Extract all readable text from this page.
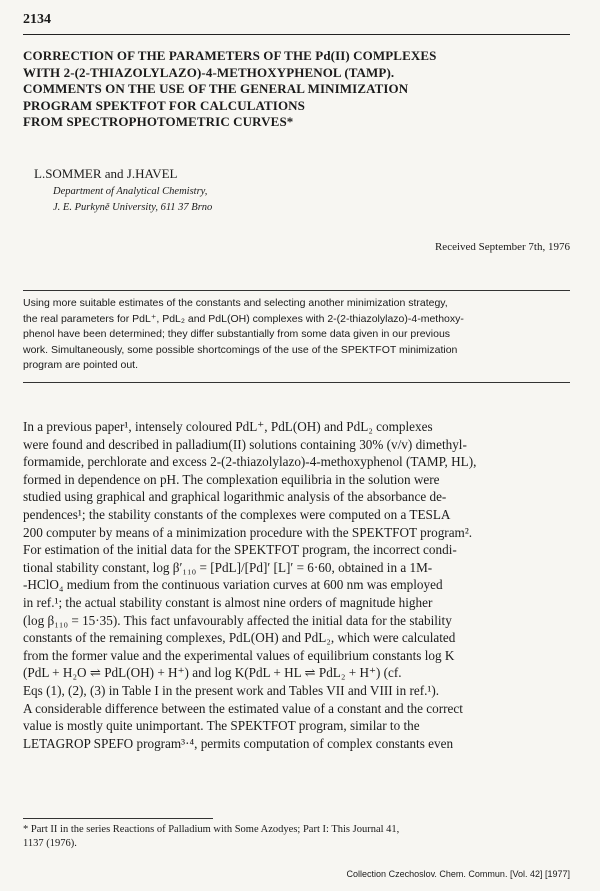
2134
CORRECTION OF THE PARAMETERS OF THE Pd(II) COMPLEXES
WITH 2-(2-THIAZOLYLAZO)-4-METHOXYPHENOL (TAMP).
COMMENTS ON THE USE OF THE GENERAL MINIMIZATION
PROGRAM SPEKTFOT FOR CALCULATIONS
FROM SPECTROPHOTOMETRIC CURVES*
L.SOMMER and J.HAVEL
Department of Analytical Chemistry,
J. E. Purkyně University, 611 37 Brno
Received September 7th, 1976
Using more suitable estimates of the constants and selecting another minimization strategy,
the real parameters for PdL⁺, PdL₂ and PdL(OH) complexes with 2-(2-thiazolylazo)-4-methoxy-
phenol have been determined; they differ substantially from some data given in our previous
work. Simultaneously, some possible shortcomings of the use of the SPEKTFOT minimization
program are pointed out.
In a previous paper¹, intensely coloured PdL⁺, PdL(OH) and PdL₂ complexes
were found and described in palladium(II) solutions containing 30% (v/v) dimethyl-
formamide, perchlorate and excess 2-(2-thiazolylazo)-4-methoxyphenol (TAMP, HL),
formed in dependence on pH. The complexation equilibria in the solution were
studied using graphical and graphical logarithmic analysis of the absorbance de-
pendences¹; the stability constants of the complexes were computed on a TESLA
200 computer by means of a minimization procedure with the SPEKTFOT program².
For estimation of the initial data for the SPEKTFOT program, the incorrect condi-
tional stability constant, log β′₁₁₀ = [PdL]/[Pd]′ [L]′ = 6·60, obtained in a 1M-
-HClO₄ medium from the continuous variation curves at 600 nm was employed
in ref.¹; the actual stability constant is almost nine orders of magnitude higher
(log β₁₁₀ = 15·35). This fact unfavourably affected the initial data for the stability
constants of the remaining complexes, PdL(OH) and PdL₂, which were calculated
from the former value and the experimental values of equilibrium constants log K
(PdL + H₂O ⇌ PdL(OH) + H⁺) and log K(PdL + HL ⇌ PdL₂ + H⁺) (cf.
Eqs (1), (2), (3) in Table I in the present work and Tables VII and VIII in ref.¹).
A considerable difference between the estimated value of a constant and the correct
value is mostly quite unimportant. The SPEKTFOT program, similar to the
LETAGROP SPEFO program³·⁴, permits computation of complex constants even
* Part II in the series Reactions of Palladium with Some Azodyes; Part I: This Journal 41,
1137 (1976).
Collection Czechoslov. Chem. Commun. [Vol. 42] [1977]
